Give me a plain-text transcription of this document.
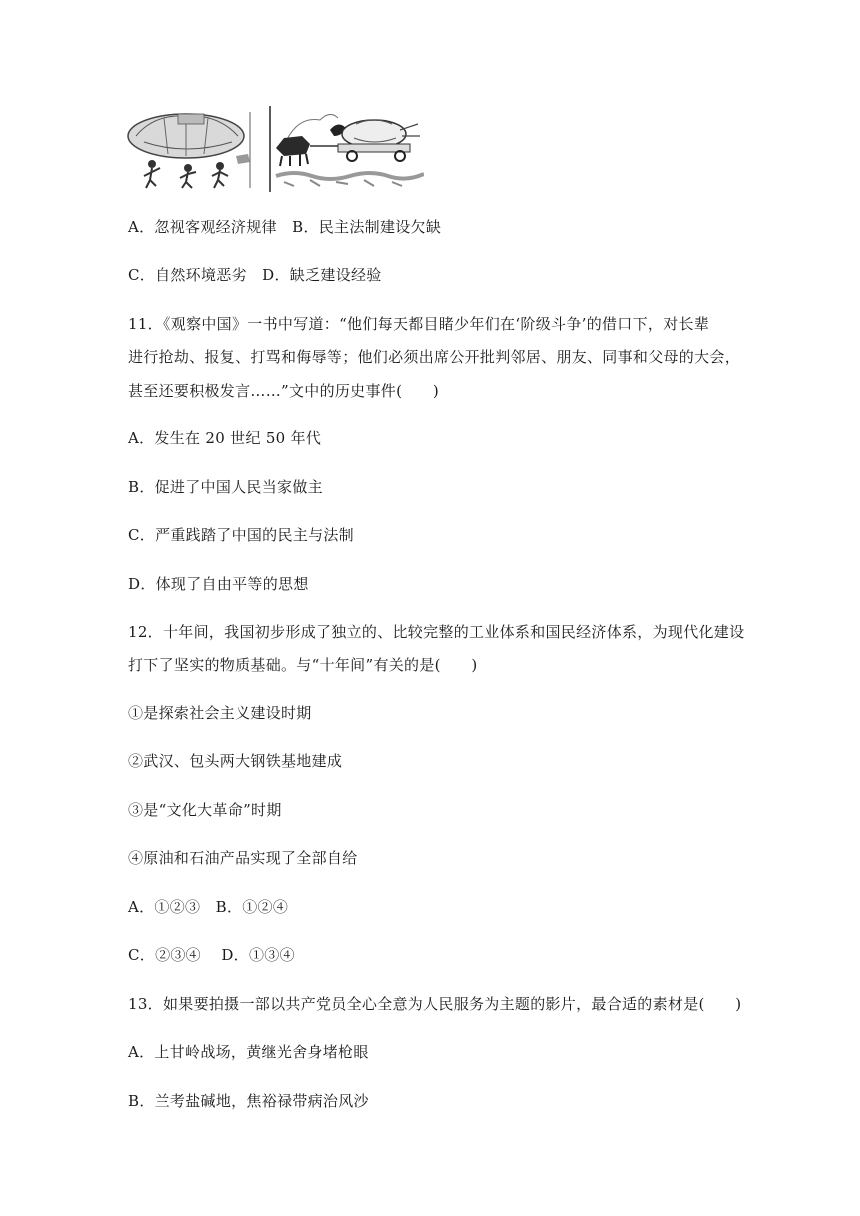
A．忽视客观经济规律　B．民主法制建设欠缺
C．自然环境恶劣　D．缺乏建设经验
11．《观察中国》一书中写道：“他们每天都目睹少年们在‘阶级斗争’的借口下，对长辈
进行抢劫、报复、打骂和侮辱等；他们必须出席公开批判邻居、朋友、同事和父母的大会，
甚至还要积极发言……”文中的历史事件(　　)
A．发生在 20 世纪 50 年代
B．促进了中国人民当家做主
C．严重践踏了中国的民主与法制
D．体现了自由平等的思想
12．十年间，我国初步形成了独立的、比较完整的工业体系和国民经济体系，为现代化建设
打下了坚实的物质基础。与“十年间”有关的是(　　)
①是探索社会主义建设时期
②武汉、包头两大钢铁基地建成
③是“文化大革命”时期
④原油和石油产品实现了全部自给
A．①②③　B．①②④
C．②③④　 D．①③④
13．如果要拍摄一部以共产党员全心全意为人民服务为主题的影片，最合适的素材是(　　)
A．上甘岭战场，黄继光舍身堵枪眼
B．兰考盐碱地，焦裕禄带病治风沙
